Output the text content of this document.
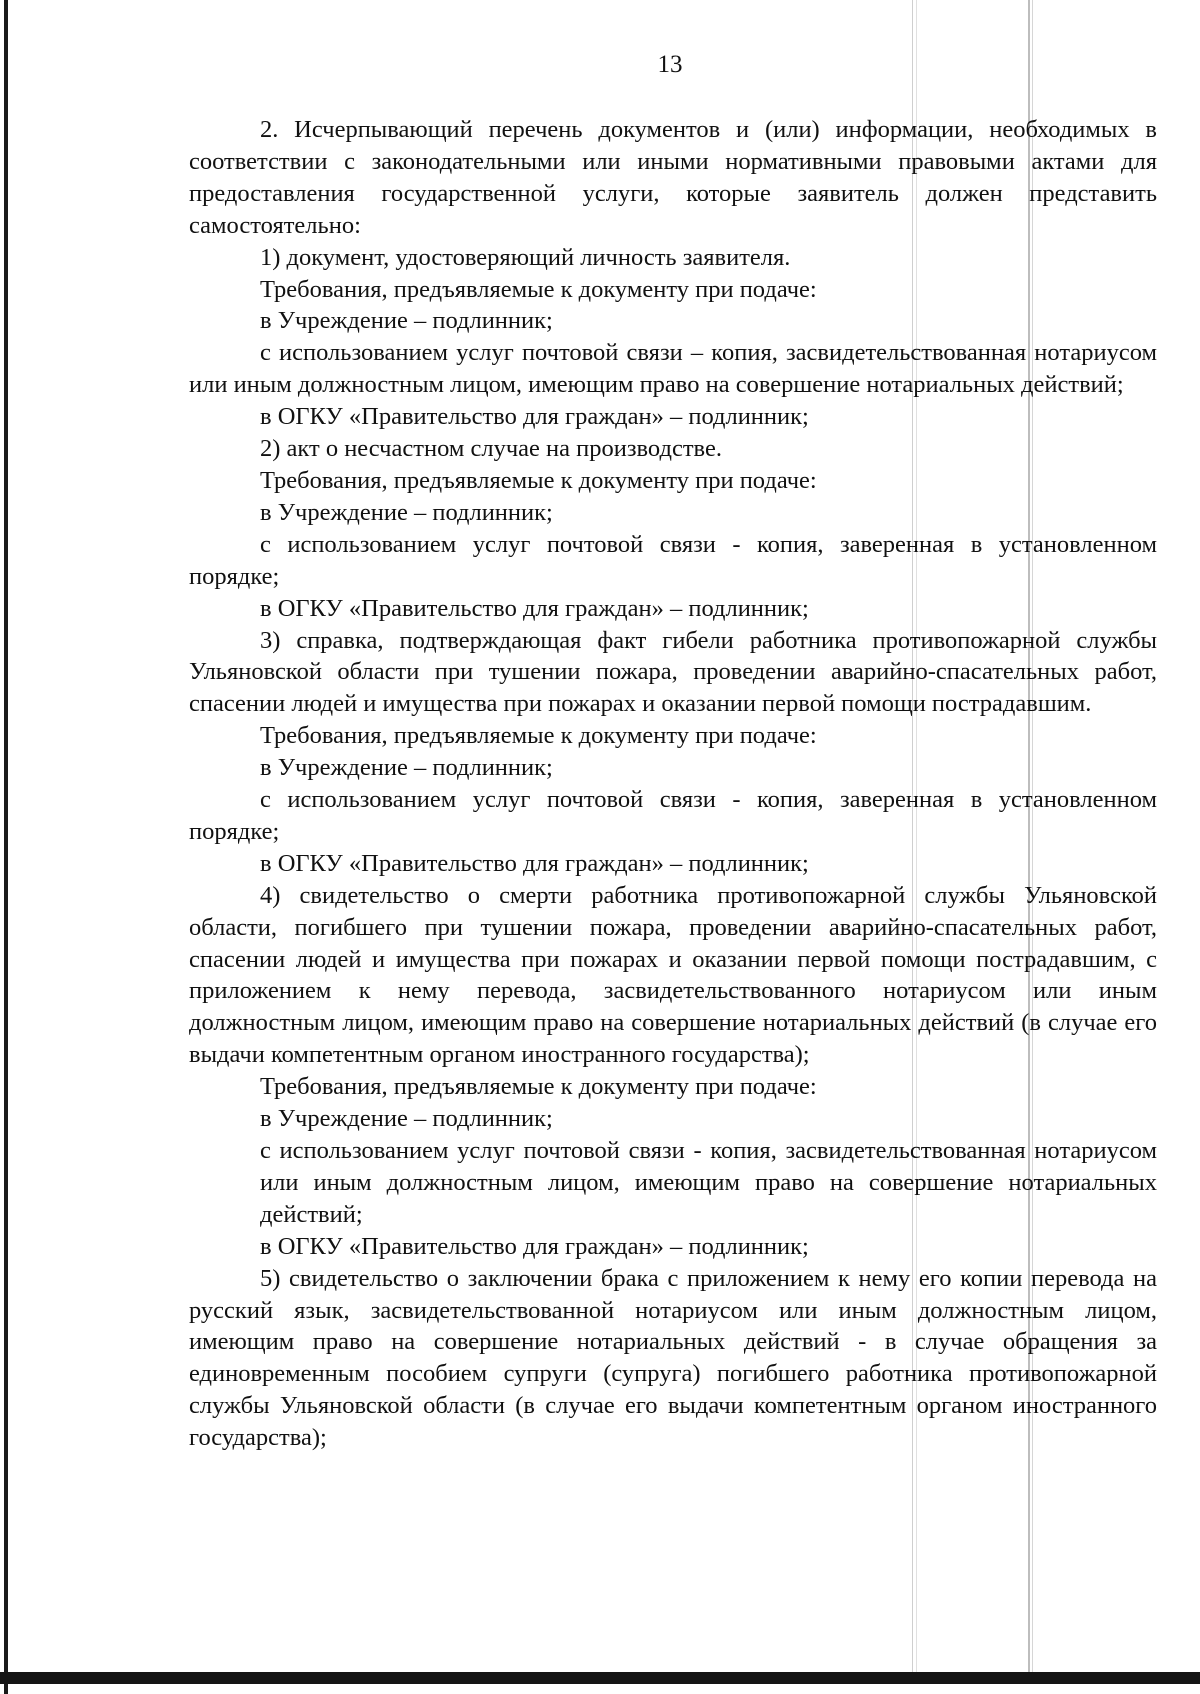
13

2. Исчерпывающий перечень документов и (или) информации, необходимых в соответствии с законодательными или иными нормативными правовыми актами для предоставления государственной услуги, которые заявитель должен представить самостоятельно:

1) документ, удостоверяющий личность заявителя.

Требования, предъявляемые к документу при подаче:

в Учреждение – подлинник;

с использованием услуг почтовой связи – копия, засвидетельствованная нотариусом или иным должностным лицом, имеющим право на совершение нотариальных действий;

в ОГКУ «Правительство для граждан» – подлинник;

2) акт о несчастном случае на производстве.

Требования, предъявляемые к документу при подаче:

в Учреждение – подлинник;

с использованием услуг почтовой связи - копия, заверенная в установленном порядке;

в ОГКУ «Правительство для граждан» – подлинник;

3) справка, подтверждающая факт гибели работника противопожарной службы Ульяновской области при тушении пожара, проведении аварийно-спасательных работ, спасении людей и имущества при пожарах и оказании первой помощи пострадавшим.

Требования, предъявляемые к документу при подаче:

в Учреждение – подлинник;

с использованием услуг почтовой связи - копия, заверенная в установленном порядке;

в ОГКУ «Правительство для граждан» – подлинник;

4) свидетельство о смерти работника противопожарной службы Ульяновской области, погибшего при тушении пожара, проведении аварийно-спасательных работ, спасении людей и имущества при пожарах и оказании первой помощи пострадавшим, с приложением к нему перевода, засвидетельствованного нотариусом или иным должностным лицом, имеющим право на совершение нотариальных действий (в случае его выдачи компетентным органом иностранного государства);

Требования, предъявляемые к документу при подаче:

в Учреждение – подлинник;

с использованием услуг почтовой связи - копия, засвидетельствованная нотариусом или иным должностным лицом, имеющим право на совершение нотариальных действий;

в ОГКУ «Правительство для граждан» – подлинник;

5) свидетельство о заключении брака с приложением к нему его копии перевода на русский язык, засвидетельствованной нотариусом или иным должностным лицом, имеющим право на совершение нотариальных действий - в случае обращения за единовременным пособием супруги (супруга) погибшего работника противопожарной службы Ульяновской области (в случае его выдачи компетентным органом иностранного государства);
